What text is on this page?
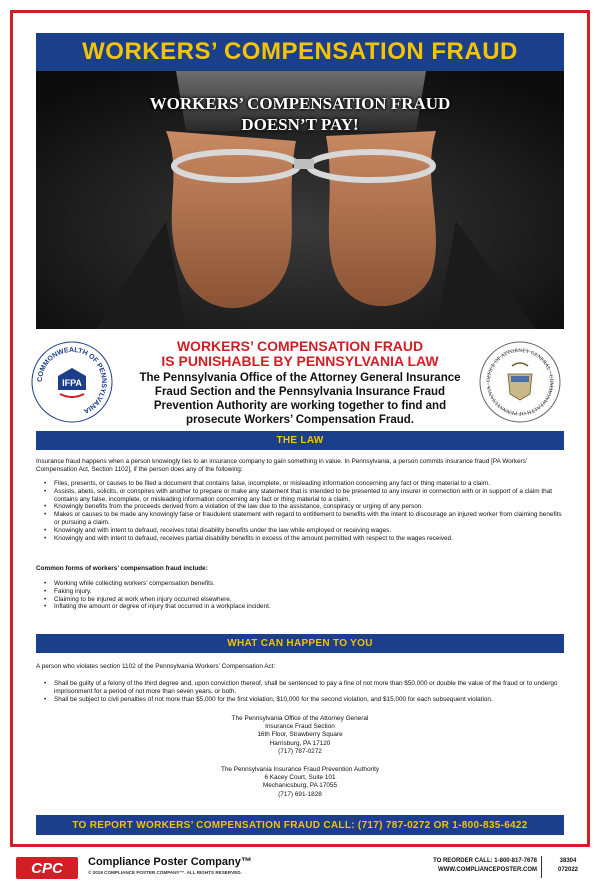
WORKERS’ COMPENSATION FRAUD
WORKERS’ COMPENSATION FRAUD
DOESN’T PAY!
COMMONWEALTH OF PENNSYLVANIA
IFPA
WORKERS’ COMPENSATION FRAUD
IS PUNISHABLE BY PENNSYLVANIA LAW
The Pennsylvania Office of the Attorney General Insurance Fraud Section and the Pennsylvania Insurance Fraud Prevention Authority are working together to find and prosecute Workers’ Compensation Fraud.
OFFICE OF ATTORNEY GENERAL · COMMONWEALTH OF PENNSYLVANIA
THE LAW
Insurance fraud happens when a person knowingly lies to an insurance company to gain something in value. In Pennsylvania, a person commits insurance fraud [PA Workers’ Compensation Act, Section 1102], if the person does any of the following:
• Files, presents, or causes to be filed a document that contains false, incomplete, or misleading information concerning any fact or thing material to a claim.
• Assists, abets, solicits, or conspires with another to prepare or make any statement that is intended to be presented to any insurer in connection with or in support of a claim that contains any false, incomplete, or misleading information concerning any fact or thing material to a claim.
• Knowingly benefits from the proceeds derived from a violation of the law due to the assistance, conspiracy or urging of any person.
• Makes or causes to be made any knowingly false or fraudulent statement with regard to entitlement to benefits with the intent to discourage an injured worker from claiming benefits or pursuing a claim.
• Knowingly and with intent to defraud, receives total disability benefits under the law while employed or receiving wages.
• Knowingly and with intent to defraud, receives partial disability benefits in excess of the amount permitted with respect to the wages received.
Common forms of workers’ compensation fraud include:
• Working while collecting workers’ compensation benefits.
• Faking injury.
• Claiming to be injured at work when injury occurred elsewhere.
• Inflating the amount or degree of injury that occurred in a workplace incident.
WHAT CAN HAPPEN TO YOU
A person who violates section 1102 of the Pennsylvania Workers’ Compensation Act:
• Shall be guilty of a felony of the third degree and, upon conviction thereof, shall be sentenced to pay a fine of not more than $50,000 or double the value of the fraud or to undergo imprisonment for a period of not more than seven years, or both.
• Shall be subject to civil penalties of not more than $5,000 for the first violation, $10,000 for the second violation, and $15,000 for each subsequent violation.
The Pennsylvania Office of the Attorney General
Insurance Fraud Section
16th Floor, Strawberry Square
Harrisburg, PA 17120
(717) 787-0272
The Pennsylvania Insurance Fraud Prevention Authority
6 Kacey Court, Suite 101
Mechanicsburg, PA 17055
(717) 691-1828
TO REPORT WORKERS’ COMPENSATION FRAUD CALL: (717) 787-0272 OR 1-800-835-6422
CPC Compliance Poster Company™
© 2019 COMPLIANCE POSTER COMPANY™. ALL RIGHTS RESERVED.
TO REORDER CALL: 1-800-817-7678
WWW.COMPLIANCEPOSTER.COM
38304
072022
